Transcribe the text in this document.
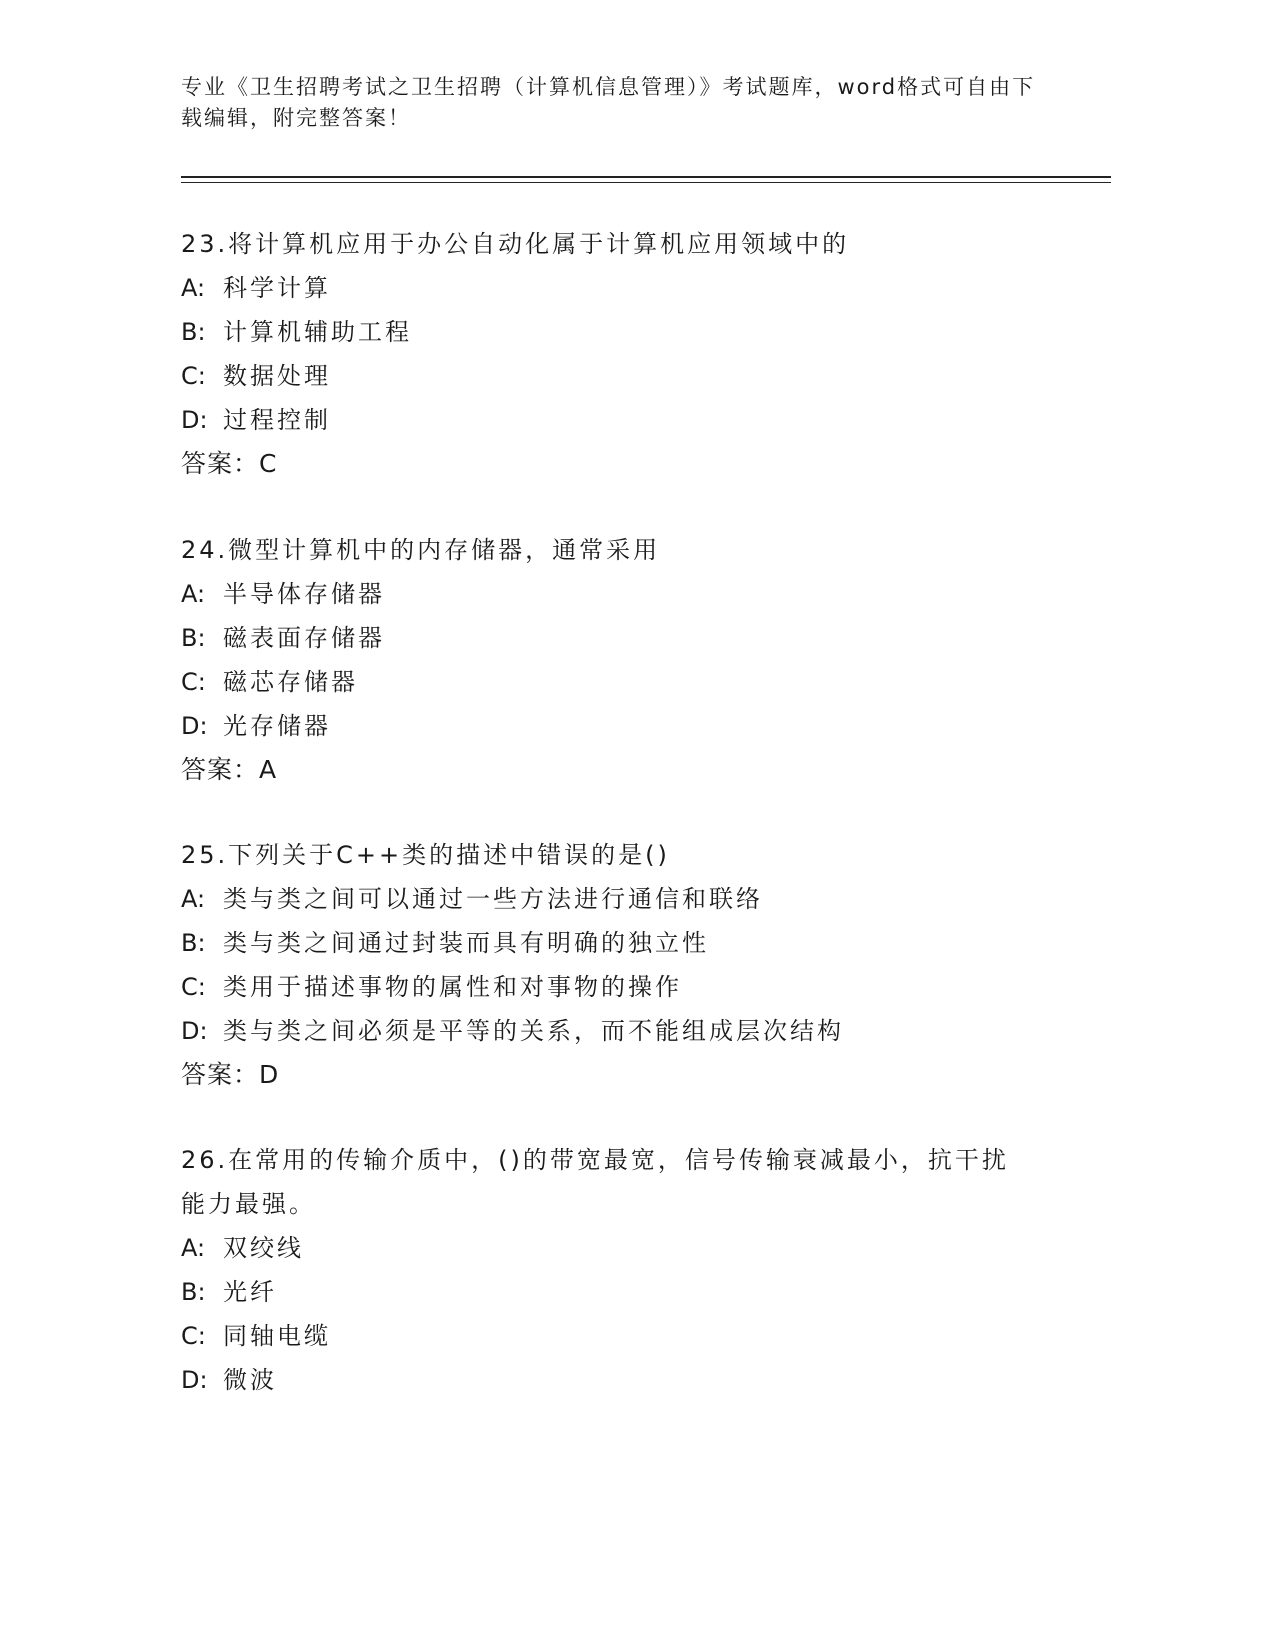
专业《卫生招聘考试之卫生招聘（计算机信息管理）》考试题库，word格式可自由下载编辑，附完整答案！

23.将计算机应用于办公自动化属于计算机应用领域中的

A: 科学计算

B: 计算机辅助工程

C: 数据处理

D: 过程控制

答案：C

24.微型计算机中的内存储器，通常采用

A: 半导体存储器

B: 磁表面存储器

C: 磁芯存储器

D: 光存储器

答案：A

25.下列关于C++类的描述中错误的是()

A: 类与类之间可以通过一些方法进行通信和联络

B: 类与类之间通过封装而具有明确的独立性

C: 类用于描述事物的属性和对事物的操作

D: 类与类之间必须是平等的关系，而不能组成层次结构

答案：D

26.在常用的传输介质中，()的带宽最宽，信号传输衰减最小，抗干扰能力最强。

A: 双绞线

B: 光纤

C: 同轴电缆

D: 微波
